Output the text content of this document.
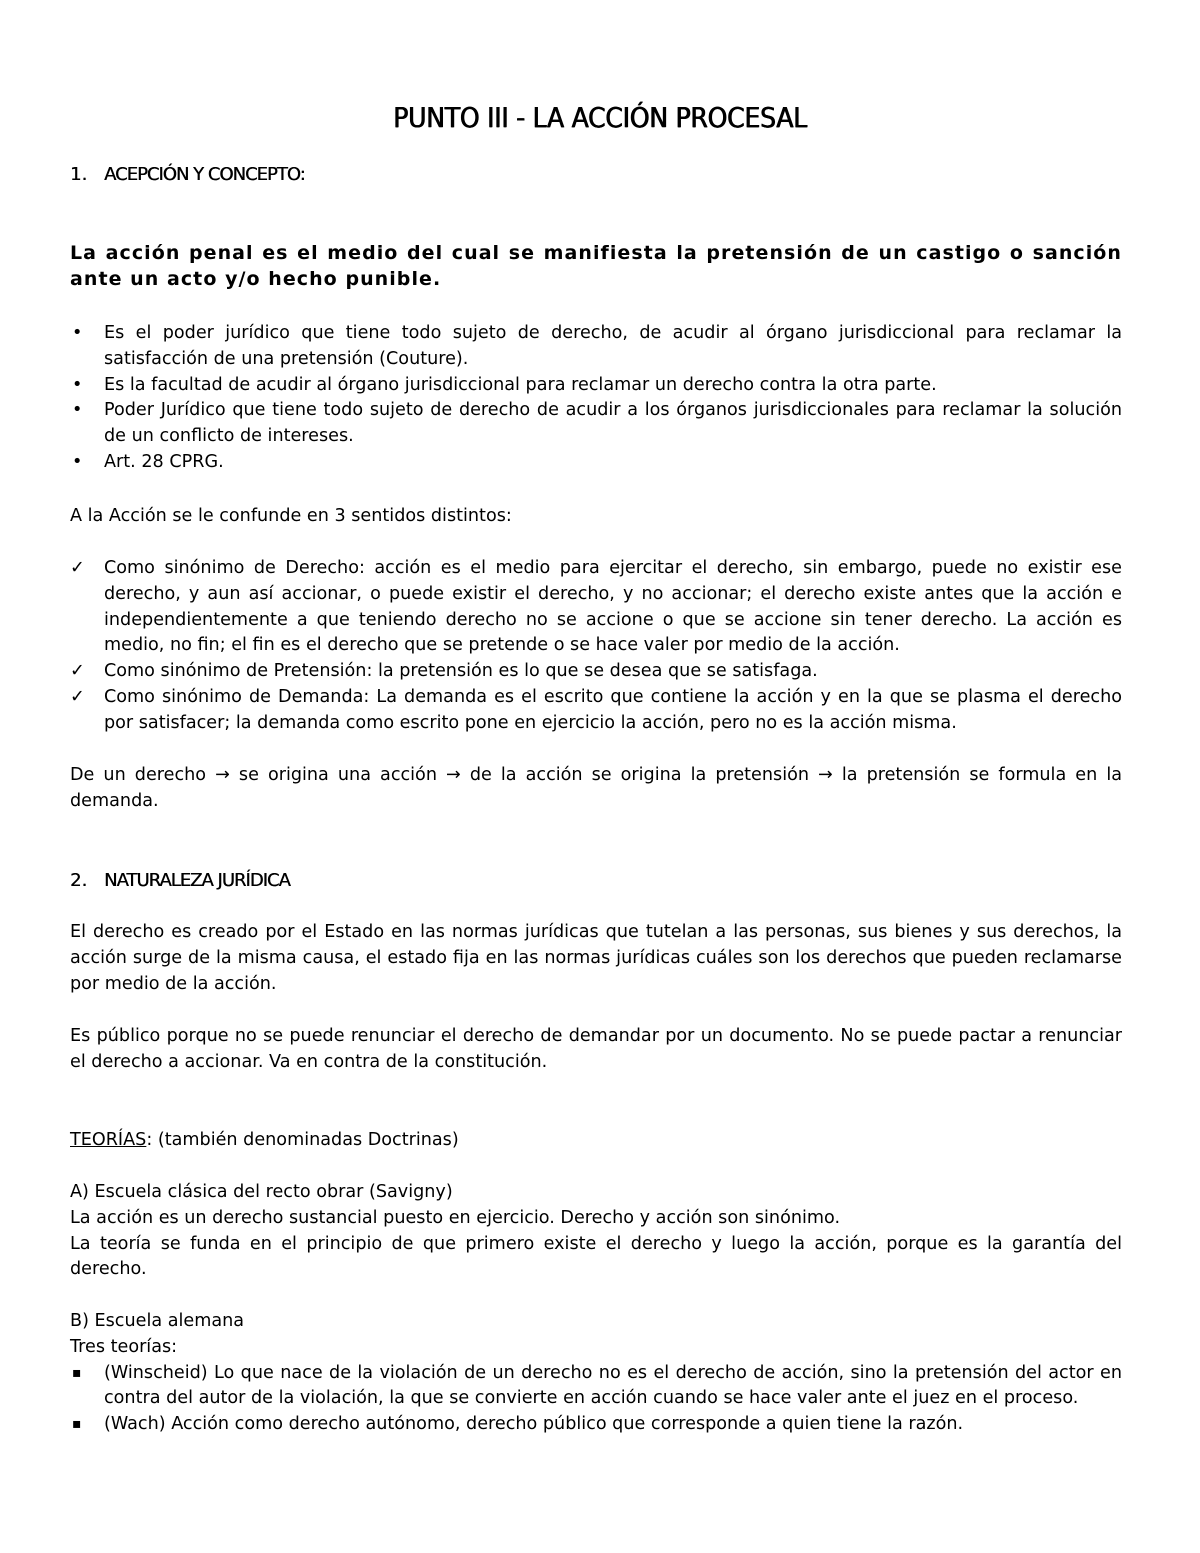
PUNTO III - LA ACCIÓN PROCESAL
1. ACEPCIÓN Y CONCEPTO:

La acción penal es el medio del cual se manifiesta la pretensión de un castigo o sanción ante un acto y/o hecho punible.

• Es el poder jurídico que tiene todo sujeto de derecho, de acudir al órgano jurisdiccional para reclamar la satisfacción de una pretensión (Couture).
• Es la facultad de acudir al órgano jurisdiccional para reclamar un derecho contra la otra parte.
• Poder Jurídico que tiene todo sujeto de derecho de acudir a los órganos jurisdiccionales para reclamar la solución de un conflicto de intereses.
• Art. 28 CPRG.

A la Acción se le confunde en 3 sentidos distintos:

✓ Como sinónimo de Derecho: acción es el medio para ejercitar el derecho, sin embargo, puede no existir ese derecho, y aun así accionar, o puede existir el derecho, y no accionar; el derecho existe antes que la acción e independientemente a que teniendo derecho no se accione o que se accione sin tener derecho. La acción es medio, no fin; el fin es el derecho que se pretende o se hace valer por medio de la acción.
✓ Como sinónimo de Pretensión: la pretensión es lo que se desea que se satisfaga.
✓ Como sinónimo de Demanda: La demanda es el escrito que contiene la acción y en la que se plasma el derecho por satisfacer; la demanda como escrito pone en ejercicio la acción, pero no es la acción misma.

De un derecho → se origina una acción → de la acción se origina la pretensión → la pretensión se formula en la demanda.

2. NATURALEZA JURÍDICA

El derecho es creado por el Estado en las normas jurídicas que tutelan a las personas, sus bienes y sus derechos, la acción surge de la misma causa, el estado fija en las normas jurídicas cuáles son los derechos que pueden reclamarse por medio de la acción.

Es público porque no se puede renunciar el derecho de demandar por un documento. No se puede pactar a renunciar el derecho a accionar. Va en contra de la constitución.

TEORÍAS: (también denominadas Doctrinas)

A) Escuela clásica del recto obrar (Savigny)

La acción es un derecho sustancial puesto en ejercicio. Derecho y acción son sinónimo.

La teoría se funda en el principio de que primero existe el derecho y luego la acción, porque es la garantía del derecho.

B) Escuela alemana

Tres teorías:

▪ (Winscheid) Lo que nace de la violación de un derecho no es el derecho de acción, sino la pretensión del actor en contra del autor de la violación, la que se convierte en acción cuando se hace valer ante el juez en el proceso.
▪ (Wach) Acción como derecho autónomo, derecho público que corresponde a quien tiene la razón.
